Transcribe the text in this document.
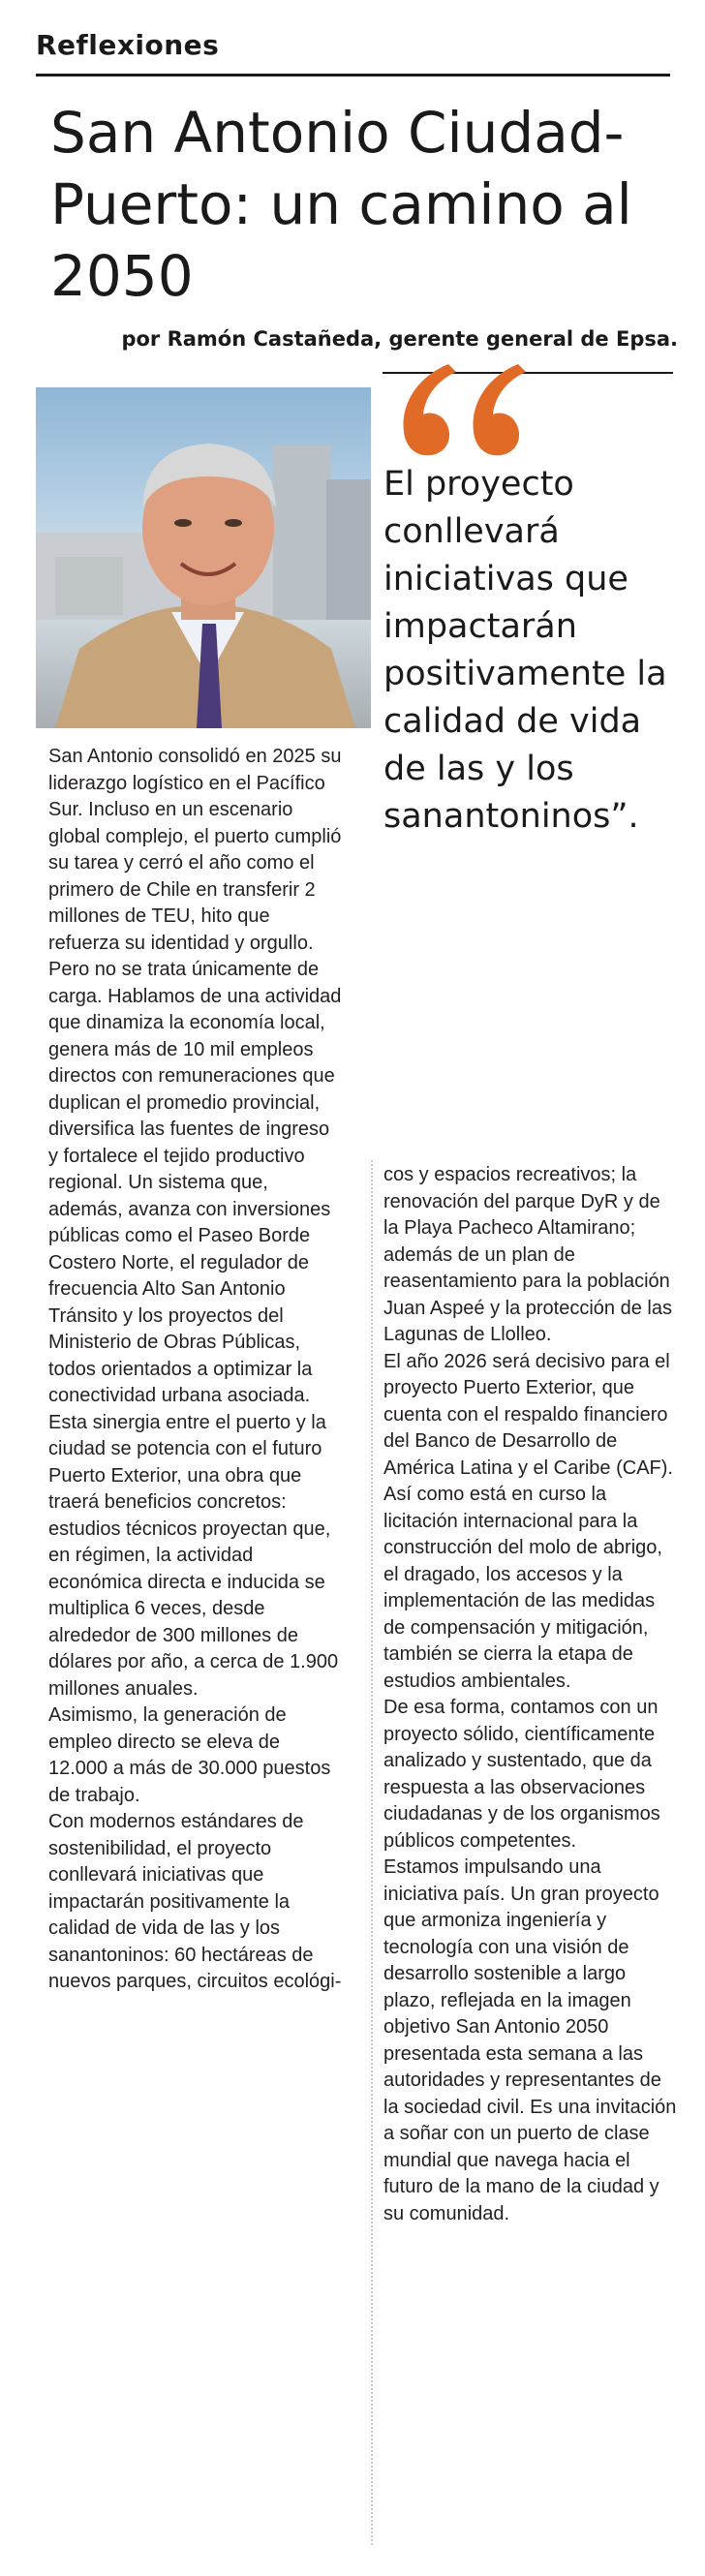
Reflexiones
San Antonio Ciudad-Puerto: un camino al 2050

por Ramón Castañeda, gerente general de Epsa.

El proyecto conllevará iniciativas que impactarán positivamente la calidad de vida de las y los sanantoninos”.

San Antonio consolidó en 2025 su liderazgo logístico en el Pacífico Sur. Incluso en un escenario global complejo, el puerto cumplió su tarea y cerró el año como el primero de Chile en transferir 2 millones de TEU, hito que refuerza su identidad y orgullo.

Pero no se trata únicamente de carga. Hablamos de una actividad que dinamiza la economía local, genera más de 10 mil empleos directos con remuneraciones que duplican el promedio provincial, diversifica las fuentes de ingreso y fortalece el tejido productivo regional. Un sistema que, además, avanza con inversiones públicas como el Paseo Borde Costero Norte, el regulador de frecuencia Alto San Antonio Tránsito y los proyectos del Ministerio de Obras Públicas, todos orientados a optimizar la conectividad urbana asociada.

Esta sinergia entre el puerto y la ciudad se potencia con el futuro Puerto Exterior, una obra que traerá beneficios concretos: estudios técnicos proyectan que, en régimen, la actividad económica directa e inducida se multiplica 6 veces, desde alrededor de 300 millones de dólares por año, a cerca de 1.900 millones anuales.

Asimismo, la generación de empleo directo se eleva de 12.000 a más de 30.000 puestos de trabajo.

Con modernos estándares de sostenibilidad, el proyecto conllevará iniciativas que impactarán positivamente la calidad de vida de las y los sanantoninos: 60 hectáreas de nuevos parques, circuitos ecológi-

cos y espacios recreativos; la renovación del parque DyR y de la Playa Pacheco Altamirano; además de un plan de reasentamiento para la población Juan Aspeé y la protección de las Lagunas de Llolleo.

El año 2026 será decisivo para el proyecto Puerto Exterior, que cuenta con el respaldo financiero del Banco de Desarrollo de América Latina y el Caribe (CAF).

Así como está en curso la licitación internacional para la construcción del molo de abrigo, el dragado, los accesos y la implementación de las medidas de compensación y mitigación, también se cierra la etapa de estudios ambientales.

De esa forma, contamos con un proyecto sólido, científicamente analizado y sustentado, que da respuesta a las observaciones ciudadanas y de los organismos públicos competentes.

Estamos impulsando una iniciativa país. Un gran proyecto que armoniza ingeniería y tecnología con una visión de desarrollo sostenible a largo plazo, reflejada en la imagen objetivo San Antonio 2050 presentada esta semana a las autoridades y representantes de la sociedad civil. Es una invitación a soñar con un puerto de clase mundial que navega hacia el futuro de la mano de la ciudad y su comunidad.
